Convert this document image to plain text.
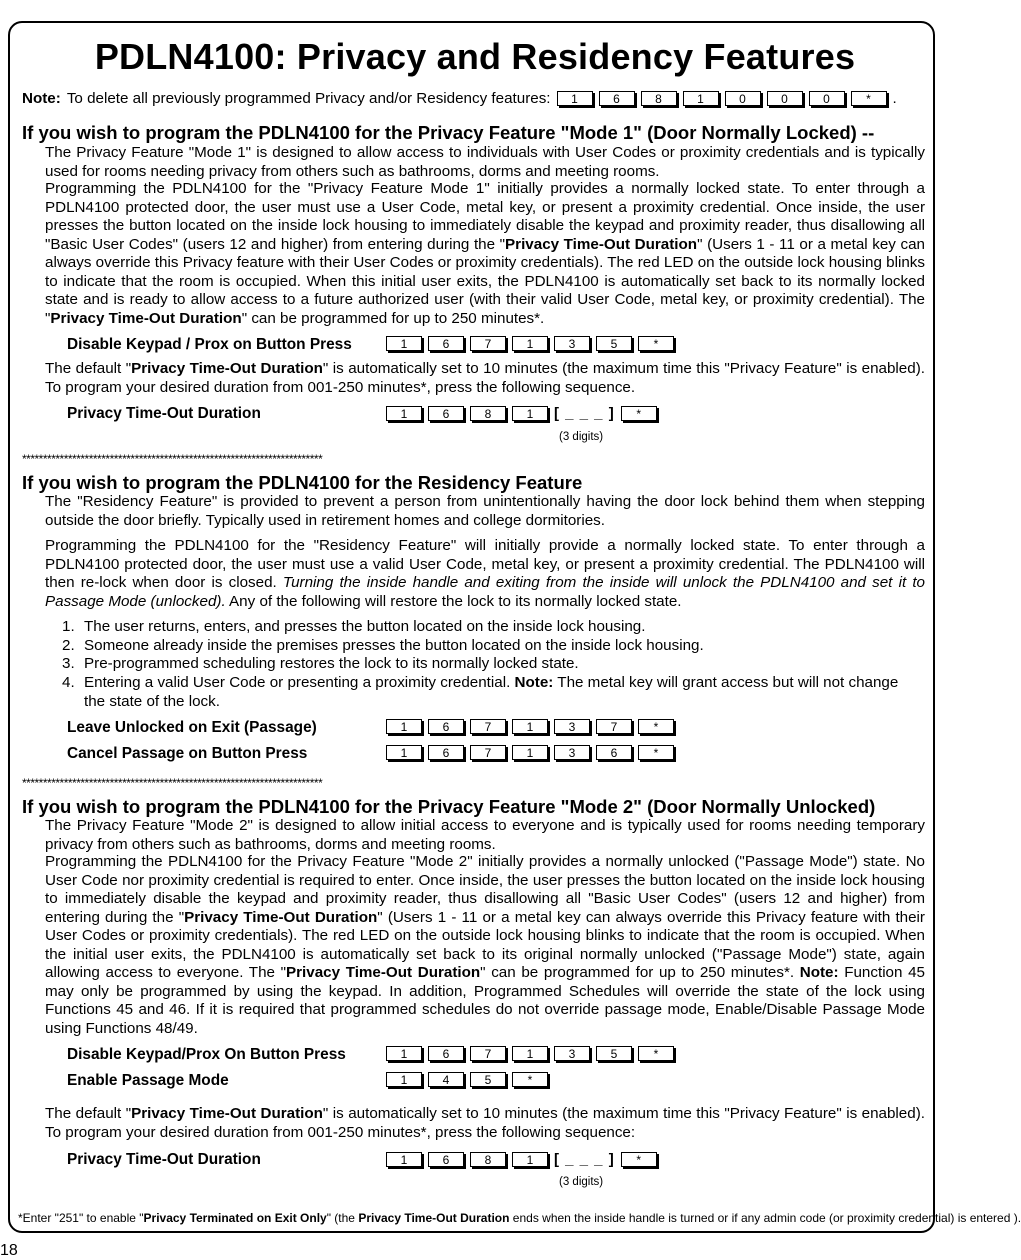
PDLN4100: Privacy and Residency Features
Note: To delete all previously programmed Privacy and/or Residency features:	1	6	8	1	0	0	0	*	.
If you wish to program the PDLN4100 for the Privacy Feature "Mode 1" (Door Normally Locked) --
The Privacy Feature "Mode 1" is designed to allow access to individuals with User Codes or proximity credentials and is typically used for rooms needing privacy from others such as bathrooms, dorms and meeting rooms.
Programming the PDLN4100 for the "Privacy Feature Mode 1" initially provides a normally locked state. To enter through a PDLN4100 protected door, the user must use a User Code, metal key, or present a proximity credential. Once inside, the user presses the button located on the inside lock housing to immediately disable the keypad and proximity reader, thus disallowing all "Basic User Codes" (users 12 and higher) from entering during the "Privacy Time-Out Duration" (Users 1 - 11 or a metal key can always override this Privacy feature with their User Codes or proximity credentials). The red LED on the outside lock housing blinks to indicate that the room is occupied. When this initial user exits, the PDLN4100 is automatically set back to its normally locked state and is ready to allow access to a future authorized user (with their valid User Code, metal key, or proximity credential). The "Privacy Time-Out Duration" can be programmed for up to 250 minutes*.
Disable Keypad / Prox on Button Press	1	6	7	1	3	5	*
The default "Privacy Time-Out Duration" is automatically set to 10 minutes (the maximum time this "Privacy Feature" is enabled). To program your desired duration from 001-250 minutes*, press the following sequence.
Privacy Time-Out Duration	1	6	8	1	[ _ _ _ ]	*
(3 digits)
************************************************************************
If you wish to program the PDLN4100 for the Residency Feature
The "Residency Feature" is provided to prevent a person from unintentionally having the door lock behind them when stepping outside the door briefly. Typically used in retirement homes and college dormitories.
Programming the PDLN4100 for the "Residency Feature" will initially provide a normally locked state. To enter through a PDLN4100 protected door, the user must use a valid User Code, metal key, or present a proximity credential. The PDLN4100 will then re-lock when door is closed. Turning the inside handle and exiting from the inside will unlock the PDLN4100 and set it to Passage Mode (unlocked). Any of the following will restore the lock to its normally locked state.
1. The user returns, enters, and presses the button located on the inside lock housing.
2. Someone already inside the premises presses the button located on the inside lock housing.
3. Pre-programmed scheduling restores the lock to its normally locked state.
4. Entering a valid User Code or presenting a proximity credential. Note: The metal key will grant access but will not change the state of the lock.
Leave Unlocked on Exit (Passage)	1	6	7	1	3	7	*
Cancel Passage on Button Press	1	6	7	1	3	6	*
************************************************************************
If you wish to program the PDLN4100 for the Privacy Feature "Mode 2" (Door Normally Unlocked)
The Privacy Feature "Mode 2" is designed to allow initial access to everyone and is typically used for rooms needing temporary privacy from others such as bathrooms, dorms and meeting rooms.
Programming the PDLN4100 for the Privacy Feature "Mode 2" initially provides a normally unlocked ("Passage Mode") state. No User Code nor proximity credential is required to enter. Once inside, the user presses the button located on the inside lock housing to immediately disable the keypad and proximity reader, thus disallowing all "Basic User Codes" (users 12 and higher) from entering during the "Privacy Time-Out Duration" (Users 1 - 11 or a metal key can always override this Privacy feature with their User Codes or proximity credentials). The red LED on the outside lock housing blinks to indicate that the room is occupied. When the initial user exits, the PDLN4100 is automatically set back to its original normally unlocked ("Passage Mode") state, again allowing access to everyone. The "Privacy Time-Out Duration" can be programmed for up to 250 minutes*. Note: Function 45 may only be programmed by using the keypad. In addition, Programmed Schedules will override the state of the lock using Functions 45 and 46. If it is required that programmed schedules do not override passage mode, Enable/Disable Passage Mode using Functions 48/49.
Disable Keypad/Prox On Button Press	1	6	7	1	3	5	*
Enable Passage Mode	1	4	5	*
The default "Privacy Time-Out Duration" is automatically set to 10 minutes (the maximum time this "Privacy Feature" is enabled). To program your desired duration from 001-250 minutes*, press the following sequence:
Privacy Time-Out Duration	1	6	8	1	[ _ _ _ ]	*
(3 digits)
*Enter "251" to enable "Privacy Terminated on Exit Only" (the Privacy Time-Out Duration ends when the inside handle is turned or if any admin code (or proximity credential) is entered ).
18
